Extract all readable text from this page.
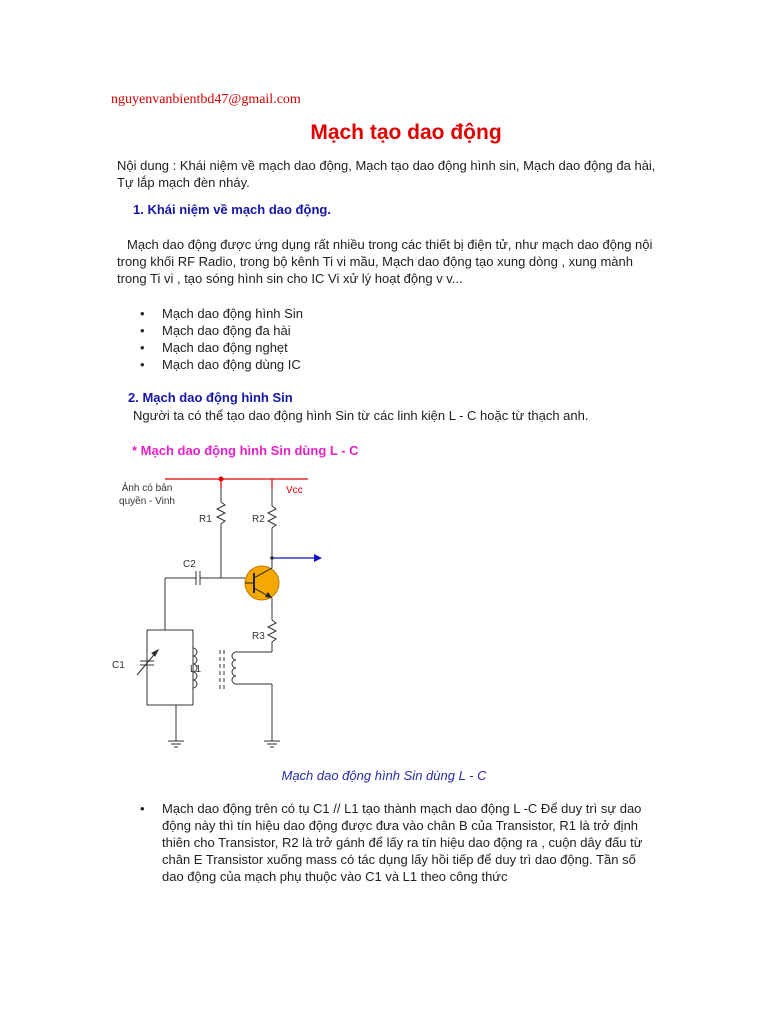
nguyenvanbientbd47@gmail.com
Mạch tạo dao động
Nội dung : Khái niệm về mạch dao động, Mạch tạo dao động hình sin, Mạch dao động đa hài, Tự lắp mạch đèn nháy.
1. Khái niệm về mạch dao động.
Mạch dao động được ứng dụng rất nhiều trong các thiết bị điện tử, như mạch dao động nội trong khối RF Radio, trong bộ kênh Ti vi mầu, Mạch dao động tạo xung dòng , xung mành trong Ti vi , tạo sóng hình sin cho IC Vi xử lý hoạt động v v...
• Mạch dao động hình Sin
• Mạch dao động đa hài
• Mạch dao động nghẹt
• Mạch dao động dùng IC
2. Mạch dao động hình Sin
Người ta có thể tạo dao động hình Sin từ các linh kiện L - C hoặc từ thạch anh.
* Mạch dao động hình Sin dùng L - C
Ảnh có bản
quyền - Vinh
Vcc
R1	R2
C2
C1	L1
R3
Mạch dao động hình Sin dùng L - C
• Mạch dao động trên có tụ C1 // L1 tạo thành mạch dao động L -C Để duy trì sự dao động này thì tín hiệu dao động được đưa vào chân B của Transistor, R1 là trở định thiên cho Transistor, R2 là trở gánh để lấy ra tín hiệu dao động ra , cuộn dây đấu từ chân E Transistor xuống mass có tác dụng lấy hồi tiếp để duy trì dao động. Tần số dao động của mạch phụ thuộc vào C1 và L1 theo công thức
